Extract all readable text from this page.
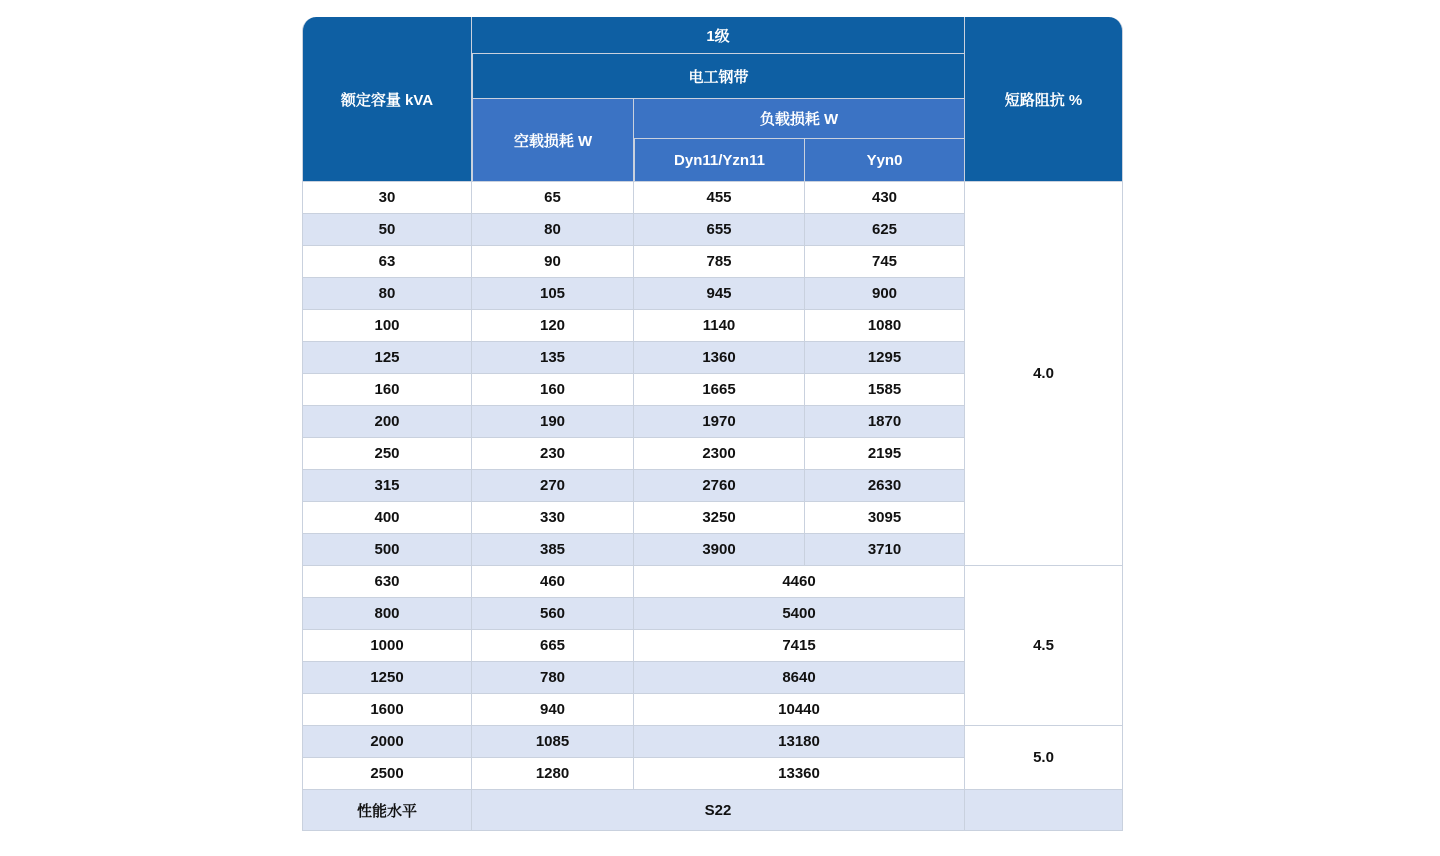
额定容量 kVA	1级			短路阻抗 %
	电工钢带			
	空载损耗 W	负载损耗 W		
		Dyn11/Yzn11	Yyn0	
30	65	455	430	4.0
50	80	655	625	
63	90	785	745	
80	105	945	900	
100	120	1140	1080	
125	135	1360	1295	
160	160	1665	1585	
200	190	1970	1870	
250	230	2300	2195	
315	270	2760	2630	
400	330	3250	3095	
500	385	3900	3710	
630	460	4460		4.5
800	560	5400		
1000	665	7415		
1250	780	8640		
1600	940	10440		
2000	1085	13180		5.0
2500	1280	13360		
性能水平	S22			
